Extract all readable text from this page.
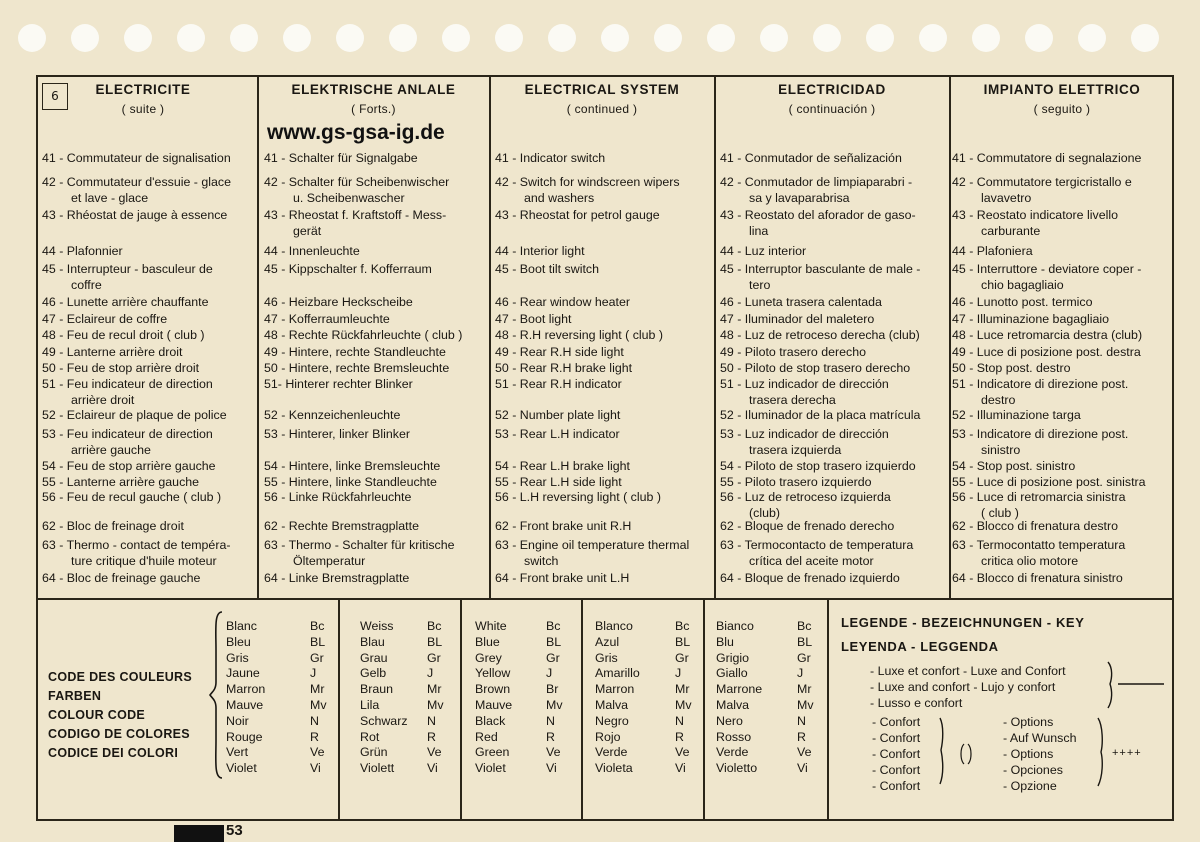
6	ELECTRICITE
( suite )
ELEKTRISCHE ANLALE
( Forts.)
ELECTRICAL SYSTEM
( continued )
ELECTRICIDAD
( continuación )
IMPIANTO ELETTRICO
( seguito )
www.gs-gsa-ig.de
41 - Commutateur de signalisation
42 - Commutateur d'essuie - glace
et lave - glace
43 - Rhéostat de jauge à essence
44 - Plafonnier
45 - Interrupteur - basculeur de
coffre
46 - Lunette arrière chauffante
47 - Eclaireur de coffre
48 - Feu de recul droit ( club )
49 - Lanterne arrière droit
50 - Feu de stop arrière droit
51 - Feu indicateur de direction
arrière droit
52 - Eclaireur de plaque de police
53 - Feu indicateur de direction
arrière gauche
54 - Feu de stop arrière gauche
55 - Lanterne arrière gauche
56 - Feu de recul gauche ( club )
62 - Bloc de freinage droit
63 - Thermo - contact de tempéra-
ture critique d'huile moteur
64 - Bloc de freinage gauche
41 - Schalter für Signalgabe
42 - Schalter für Scheibenwischer
u. Scheibenwascher
43 - Rheostat f. Kraftstoff - Mess-
gerät
44 - Innenleuchte
45 - Kippschalter f. Kofferraum
46 - Heizbare Heckscheibe
47 - Kofferraumleuchte
48 - Rechte Rückfahrleuchte ( club )
49 - Hintere, rechte Standleuchte
50 - Hintere, rechte Bremsleuchte
51- Hinterer rechter Blinker
52 - Kennzeichenleuchte
53 - Hinterer, linker Blinker
54 - Hintere, linke Bremsleuchte
55 - Hintere, linke Standleuchte
56 - Linke Rückfahrleuchte
62 - Rechte Bremstragplatte
63 - Thermo - Schalter für kritische
Öltemperatur
64 - Linke Bremstragplatte
41 - Indicator switch
42 - Switch for windscreen wipers
and washers
43 - Rheostat for petrol gauge
44 - Interior light
45 - Boot tilt switch
46 - Rear window heater
47 - Boot light
48 - R.H reversing light ( club )
49 - Rear R.H side light
50 - Rear R.H brake light
51 - Rear R.H indicator
52 - Number plate light
53 - Rear L.H indicator
54 - Rear L.H brake light
55 - Rear L.H side light
56 - L.H reversing light ( club )
62 - Front brake unit R.H
63 - Engine oil temperature thermal
switch
64 - Front brake unit L.H
41 - Conmutador de señalización
42 - Conmutador de limpiaparabri -
sa y lavaparabrisa
43 - Reostato del aforador de gaso-
lina
44 - Luz interior
45 - Interruptor basculante de male -
tero
46 - Luneta trasera calentada
47 - Iluminador del maletero
48 - Luz de retroceso derecha (club)
49 - Piloto trasero derecho
50 - Piloto de stop trasero derecho
51 - Luz indicador de dirección
trasera derecha
52 - Iluminador de la placa matrícula
53 - Luz indicador de dirección
trasera izquierda
54 - Piloto de stop trasero izquierdo
55 - Piloto trasero izquierdo
56 - Luz de retroceso izquierda
(club)
62 - Bloque de frenado derecho
63 - Termocontacto de temperatura
crítica del aceite motor
64 - Bloque de frenado izquierdo
41 - Commutatore di segnalazione
42 - Commutatore tergicristallo e
lavavetro
43 - Reostato indicatore livello
carburante
44 - Plafoniera
45 - Interruttore - deviatore coper -
chio bagagliaio
46 - Lunotto post. termico
47 - Illuminazione bagagliaio
48 - Luce retromarcia destra (club)
49 - Luce di posizione post. destra
50 - Stop post. destro
51 - Indicatore di direzione post.
destro
52 - Illuminazione targa
53 - Indicatore di direzione post.
sinistro
54 - Stop post. sinistro
55 - Luce di posizione post. sinistra
56 - Luce di retromarcia sinistra
( club )
62 - Blocco di frenatura destro
63 - Termocontatto temperatura
critica olio motore
64 - Blocco di frenatura sinistro
CODE DES COULEURS
FARBEN
COLOUR CODE
CODIGO DE COLORES
CODICE DEI COLORI
Blanc	Bc
Bleu	BL
Gris	Gr
Jaune	J
Marron	Mr
Mauve	Mv
Noir	N
Rouge	R
Vert	Ve
Violet	Vi
Weiss	Bc
Blau	BL
Grau	Gr
Gelb	J
Braun	Mr
Lila	Mv
Schwarz N
Rot	R
Grün	Ve
Violett	Vi
White	Bc
Blue	BL
Grey	Gr
Yellow	J
Brown	Br
Mauve	Mv
Black	N
Red	R
Green	Ve
Violet	Vi
Blanco	Bc
Azul	BL
Gris	Gr
Amarillo	J
Marron	Mr
Malva	Mv
Negro	N
Rojo	R
Verde	Ve
Violeta	Vi
Bianco	Bc
Blu	BL
Grigio	Gr
Giallo	J
Marrone	Mr
Malva	Mv
Nero	N
Rosso	R
Verde	Ve
Violetto	Vi
LEGENDE - BEZEICHNUNGEN - KEY
LEYENDA - LEGGENDA
- Luxe et confort - Luxe and Confort
- Luxe and confort - Lujo y confort
- Lusso e confort
- Confort
- Confort
- Confort
- Confort
- Confort
- Options
- Auf Wunsch
- Options
- Opciones
- Opzione
++++
53
